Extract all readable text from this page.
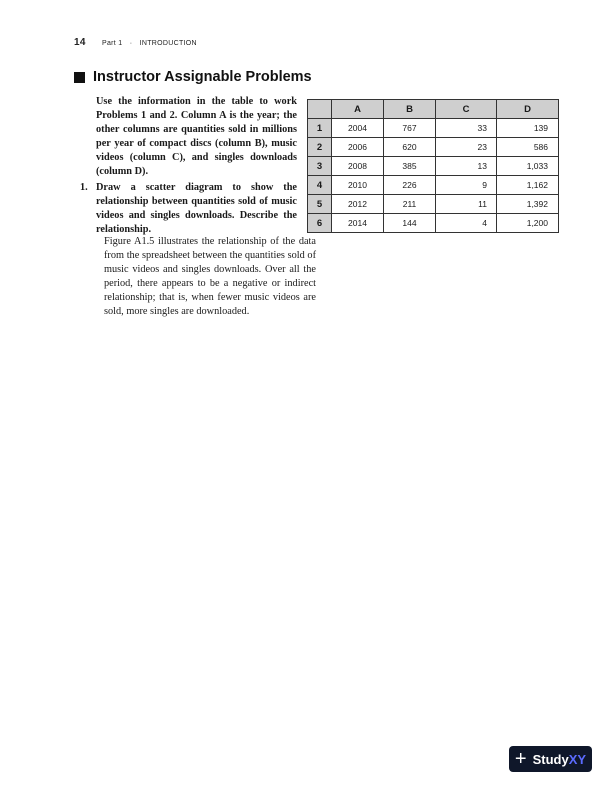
14 Part 1 · INTRODUCTION
Instructor Assignable Problems
Use the information in the table to work Problems 1 and 2. Column A is the year; the other columns are quantities sold in millions per year of compact discs (column B), music videos (column C), and singles downloads (column D).
1. Draw a scatter diagram to show the relationship between quantities sold of music videos and singles downloads. Describe the relationship.
Figure A1.5 illustrates the relationship of the data from the spreadsheet between the quantities sold of music videos and singles downloads. Over all the period, there appears to be a negative or indirect relationship; that is, when fewer music videos are sold, more singles are downloaded.
	A	B	C	D
1	2004	767	33	139
2	2006	620	23	586
3	2008	385	13	1,033
4	2010	226	9	1,162
5	2012	211	11	1,392
6	2014	144	4	1,200
+ Study XY
